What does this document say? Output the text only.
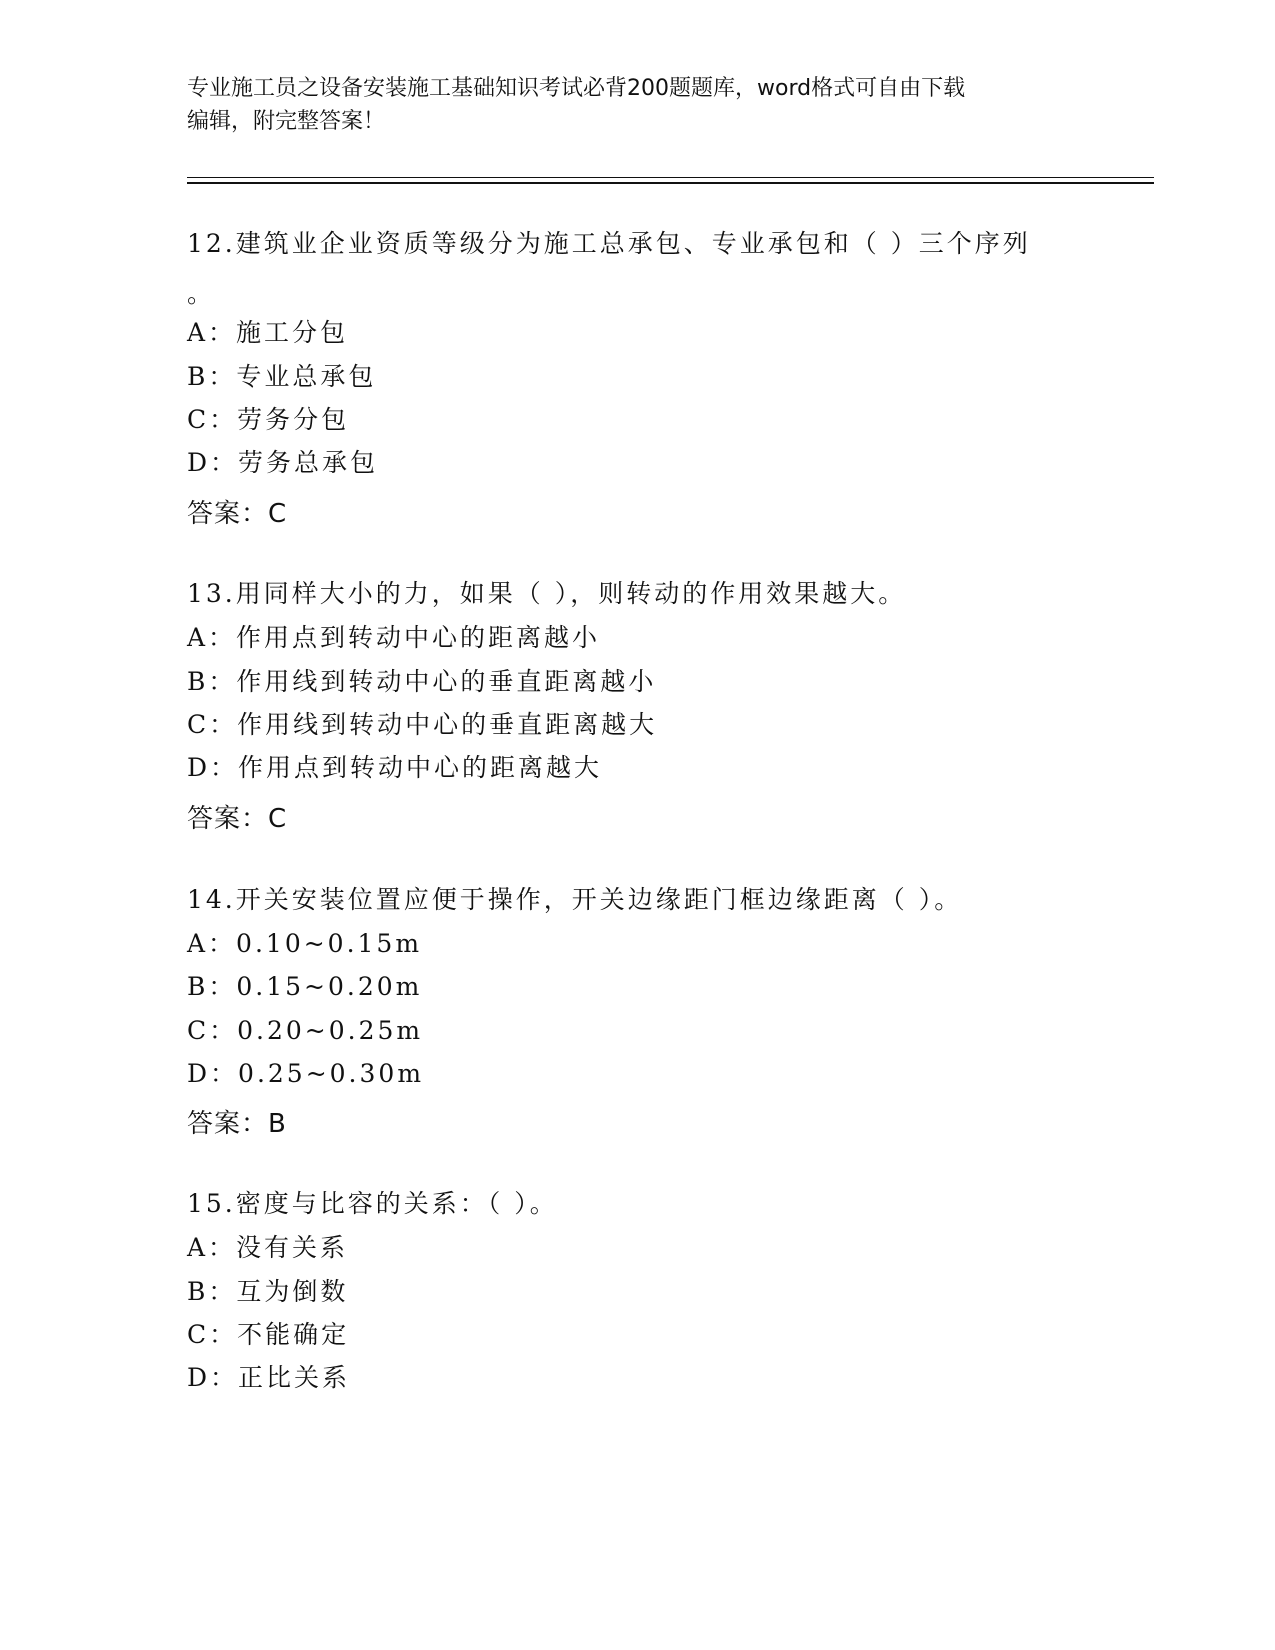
专业施工员之设备安装施工基础知识考试必背200题题库，word格式可自由下载
编辑，附完整答案！
12.建筑业企业资质等级分为施工总承包、专业承包和（ ）三个序列
。
A：施工分包
B：专业总承包
C：劳务分包
D：劳务总承包
答案：C
13.用同样大小的力，如果（ ），则转动的作用效果越大。
A：作用点到转动中心的距离越小
B：作用线到转动中心的垂直距离越小
C：作用线到转动中心的垂直距离越大
D：作用点到转动中心的距离越大
答案：C
14.开关安装位置应便于操作，开关边缘距门框边缘距离（ ）。
A：0.10~0.15m
B：0.15~0.20m
C：0.20~0.25m
D：0.25~0.30m
答案：B
15.密度与比容的关系：（ ）。
A：没有关系
B：互为倒数
C：不能确定
D：正比关系
